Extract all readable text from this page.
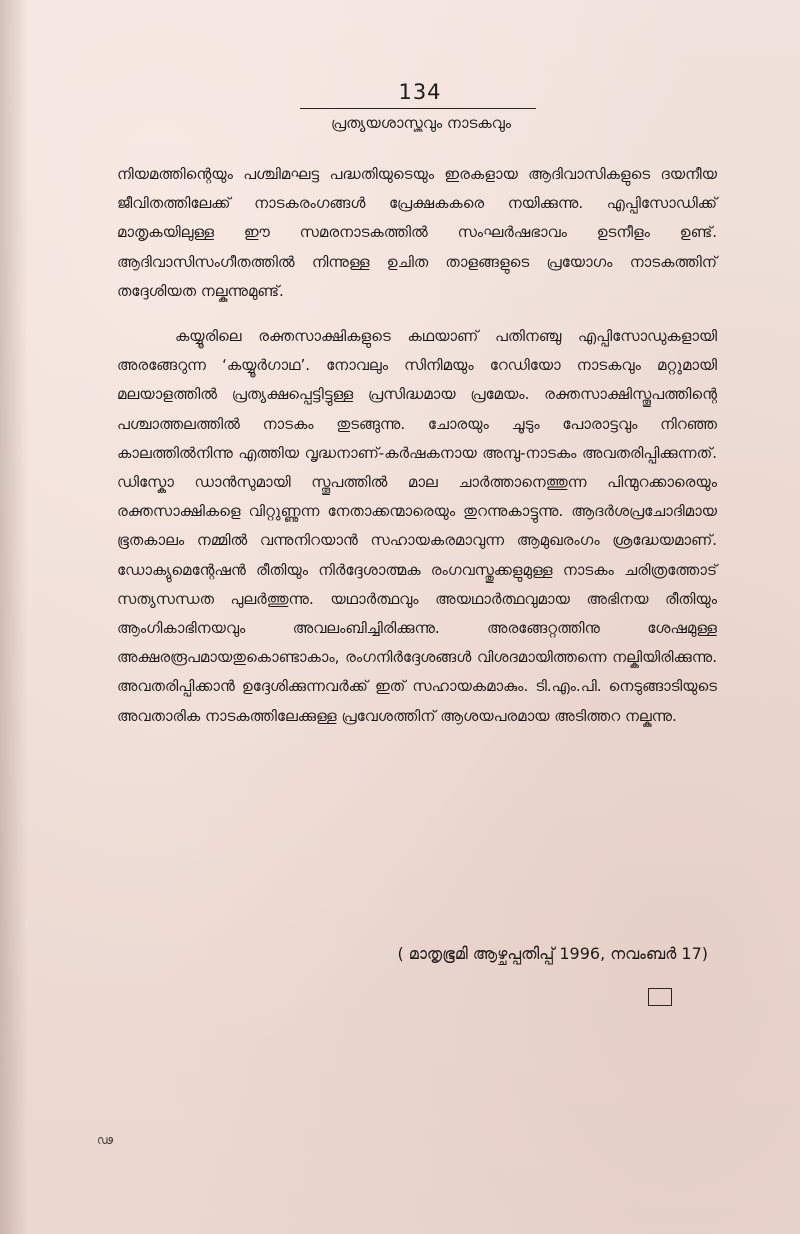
134
പ്രത്യയശാസ്ത്രവും നാടകവും

നിയമത്തിന്റെയും പശ്ചിമഘട്ട പദ്ധതിയുടെയും ഇരകളായ ആദിവാസികളുടെ ദയനീയ ജീവിതത്തിലേക്ക് നാടകരംഗങ്ങൾ പ്രേക്ഷകകരെ നയിക്കുന്നു. എപ്പിസോഡിക്ക് മാതൃകയിലുള്ള ഈ സമരനാടകത്തിൽ സംഘർഷഭാവം ഉടനീളം ഉണ്ട്. ആദിവാസിസംഗീതത്തിൽ നിന്നുള്ള ഉചിത താളങ്ങളുടെ പ്രയോഗം നാടകത്തിന് തദ്ദേശിയത നല്കുന്നുമുണ്ട്.

കയ്യൂരിലെ രക്തസാക്ഷികളുടെ കഥയാണ് പതിനഞ്ചു എപ്പിസോഡുകളായി അരങ്ങേറുന്ന ‘കയ്യൂർഗാഥ’. നോവലും സിനിമയും റേഡിയോ നാടകവും മറ്റുമായി മലയാളത്തിൽ പ്രത്യക്ഷപ്പെട്ടിട്ടുള്ള പ്രസിദ്ധമായ പ്രമേയം. രക്തസാക്ഷിസ്തൂപത്തിന്റെ പശ്ചാത്തലത്തിൽ നാടകം തുടങ്ങുന്നു. ചോരയും ചൂടും പോരാട്ടവും നിറഞ്ഞ കാലത്തിൽനിന്നു എത്തിയ വൃദ്ധനാണ്-കർഷകനായ അമ്പു-നാടകം അവതരിപ്പിക്കുന്നത്. ഡിസ്കോ ഡാൻസുമായി സ്തൂപത്തിൽ മാല ചാർത്താനെത്തുന്ന പിന്മുറക്കാരെയും രക്തസാക്ഷികളെ വിറ്റുണ്ണുന്ന നേതാക്കന്മാരെയും തുറന്നുകാട്ടുന്നു. ആദർശപ്രചോദിമായ ഭൂതകാലം നമ്മിൽ വന്നുനിറയാൻ സഹായകരമാവുന്ന ആമുഖരംഗം ശ്രദ്ധേയമാണ്. ഡോക്യുമെന്റേഷൻ രീതിയും നിർദ്ദേശാത്മക രംഗവസ്തുക്കളുമുള്ള നാടകം ചരിത്രത്തോട് സത്യസന്ധത പുലർത്തുന്നു. യഥാർത്ഥവും അയഥാർത്ഥവുമായ അഭിനയ രീതിയും ആംഗികാഭിനയവും അവലംബിച്ചിരിക്കുന്നു. അരങ്ങേറ്റത്തിനു ശേഷമുള്ള അക്ഷരരൂപമായതുകൊണ്ടാകാം, രംഗനിർദ്ദേശങ്ങൾ വിശദമായിത്തന്നെ നല്കിയിരിക്കുന്നു. അവതരിപ്പിക്കാൻ ഉദ്ദേശിക്കുന്നവർക്ക് ഇത് സഹായകമാകും. ടി.എം.പി. നെടുങ്ങാടിയുടെ അവതാരിക നാടകത്തിലേക്കുള്ള പ്രവേശത്തിന് ആശയപരമായ അടിത്തറ നല്കുന്നു.

( മാതൃഭൂമി ആഴ്ചപ്പതിപ്പ് 1996, നവംബർ 17)
ഢ
